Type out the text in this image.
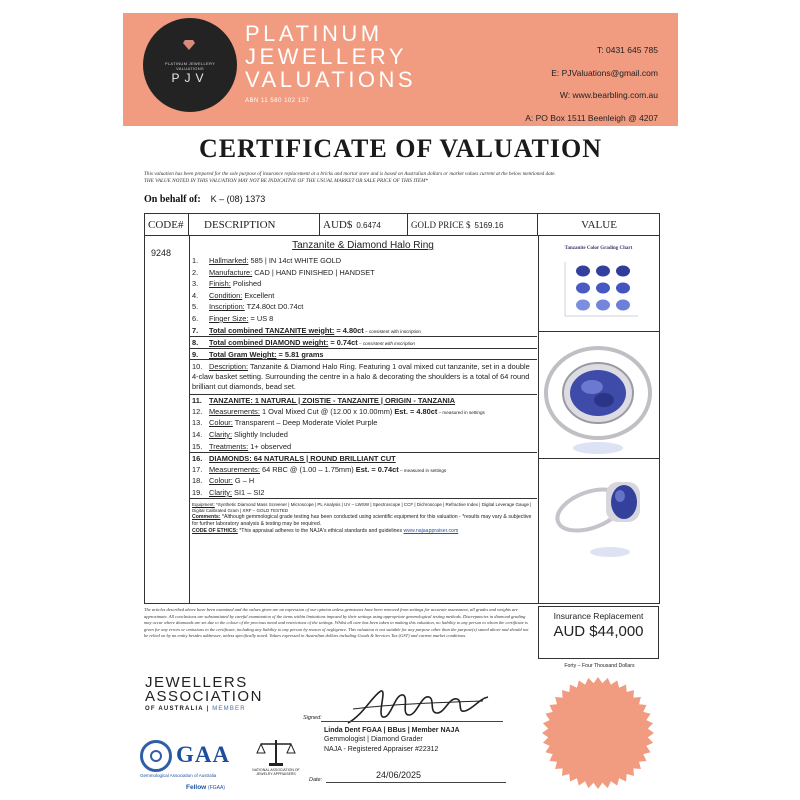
PLATINUM JEWELLERY VALUATIONS
PJV
PLATINUM
JEWELLERY
VALUATIONS
ABN 11 580 102 137
T: 0431 645 785
E: PJValuations@gmail.com
W: www.bearbling.com.au
A: PO Box 1511 Beenleigh @ 4207
CERTIFICATE OF VALUATION
This valuation has been prepared for the sole purpose of insurance replacement at a bricks and mortar store and is based on Australian dollars or market values current at the below mentioned date.
THE VALUE NOTED IN THIS VALUATION MAY NOT BE INDICATIVE OF THE USUAL MARKET OR SALE PRICE OF THIS ITEM*
On behalf of: K – (08) 1373
CODE#	DESCRIPTION	AUD$ 0.6474	GOLD PRICE $ 5169.16	VALUE
9248
Tanzanite & Diamond Halo Ring
1. Hallmarked: 585 | IN 14ct WHITE GOLD
2. Manufacture: CAD | HAND FINISHED | HANDSET
3. Finish: Polished
4. Condition: Excellent
5. Inscription: TZ4.80ct D0.74ct
6. Finger Size: = US 8
7. Total combined TANZANITE weight: = 4.80ct – consistent with inscription
8. Total combined DIAMOND weight: = 0.74ct – consistent with inscription
9. Total Gram Weight: = 5.81 grams
10. Description: Tanzanite & Diamond Halo Ring. Featuring 1 oval mixed cut tanzanite, set in a double 4-claw basket setting. Surrounding the centre in a halo & decorating the shoulders is a total of 64 round brilliant cut diamonds, bead set.
11. TANZANITE: 1 NATURAL | ZOISTIE - TANZANITE | ORIGIN - TANZANIA
12. Measurements: 1 Oval Mixed Cut @ (12.00 x 10.00mm) Est. = 4.80ct – measured in settings
13. Colour: Transparent – Deep Moderate Violet Purple
14. Clarity: Slightly Included
15. Treatments: 1+ observed
16. DIAMONDS: 64 NATURALS | ROUND BRILLIANT CUT
17. Measurements: 64 RBC @ (1.00 – 1.75mm) Est. = 0.74ct – measured in settings
18. Colour: G – H
19. Clarity: SI1 – SI2
Equipment: *Synthetic Diamond Mass Screener | Microscope | PL Analysis | UV – LWSW | Spectroscope | CCF | Dichroscope | Refractive Index | Digital Leverage Gauge | Digital Calibrated Gram | XRF – GOLD TESTED
Comments: *Although gemmological grade testing has been conducted using scientific equipment for this valuation - *results may vary & subjective for further laboratory analysis & testing may be required.
CODE OF ETHICS: *This appraisal adheres to the NAJA's ethical standards and guidelines www.najaappraiser.com
Tanzanite Color Grading Chart
The articles described above have been examined and the values given are an expression of our opinion unless gemstones have been removed from settings for accurate assessment, all grades and weights are approximate. All conclusions are substantiated by careful examination of the items within limitations imposed by their settings using appropriate gemmological testing methods. Discrepancies in diamond grading may occur where diamonds are set due to the colour of the precious metal and restrictions of the settings. Whilst all care has been taken in making this valuation, no liability to any person to whom the certificate is given for any errors or omissions in the certificate, including any liability to any person by reason of negligence. This valuation is not suitable for any purpose other than the purpose(s) stated above and should not be relied on by an entity besides addressee, unless specifically noted. Values expressed in Australian dollars including Goods & Services Tax (GST) and current market conditions.
Insurance Replacement
AUD $44,000
Forty – Four Thousand Dollars
JEWELLERS
ASSOCIATION
OF AUSTRALIA | MEMBER
GAA
Gemmological Association of Australia
Fellow (FGAA)
NATIONAL ASSOCIATION OF JEWELRY APPRAISERS
Signed:
Linda Dent FGAA | BBus | Member NAJA
Gemmologist | Diamond Grader
NAJA - Registered Appraiser #22312
Date:	24/06/2025
